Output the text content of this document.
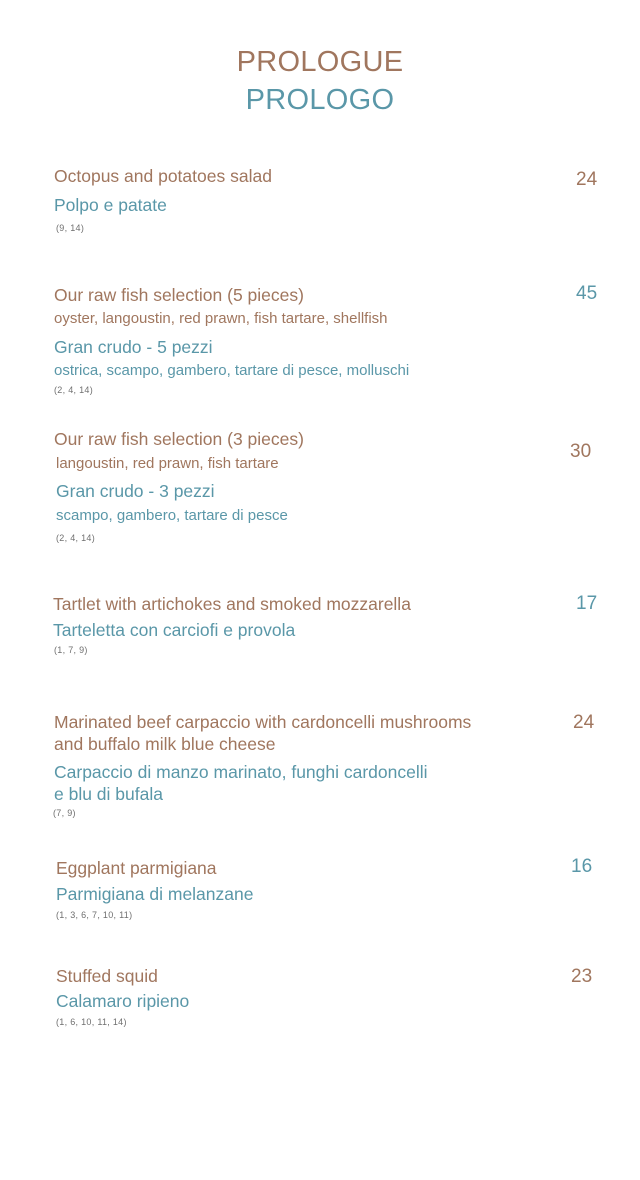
PROLOGUE
PROLOGO
Octopus and potatoes salad
Polpo e patate
(9, 14)
24
Our raw fish selection (5 pieces)
oyster, langoustin, red prawn, fish tartare, shellfish
Gran crudo - 5 pezzi
ostrica, scampo, gambero, tartare di pesce, molluschi
(2, 4, 14)
45
Our raw fish selection (3 pieces)
langoustin, red prawn, fish tartare
Gran crudo - 3 pezzi
scampo, gambero, tartare di pesce
(2, 4, 14)
30
Tartlet with artichokes and smoked mozzarella
Tarteletta con carciofi e provola
(1, 7, 9)
17
Marinated beef carpaccio with cardoncelli mushrooms
and buffalo milk blue cheese
Carpaccio di manzo marinato, funghi cardoncelli
e blu di bufala
(7, 9)
24
Eggplant parmigiana
Parmigiana di melanzane
(1, 3, 6, 7, 10, 11)
16
Stuffed squid
Calamaro ripieno
(1, 6, 10, 11, 14)
23
